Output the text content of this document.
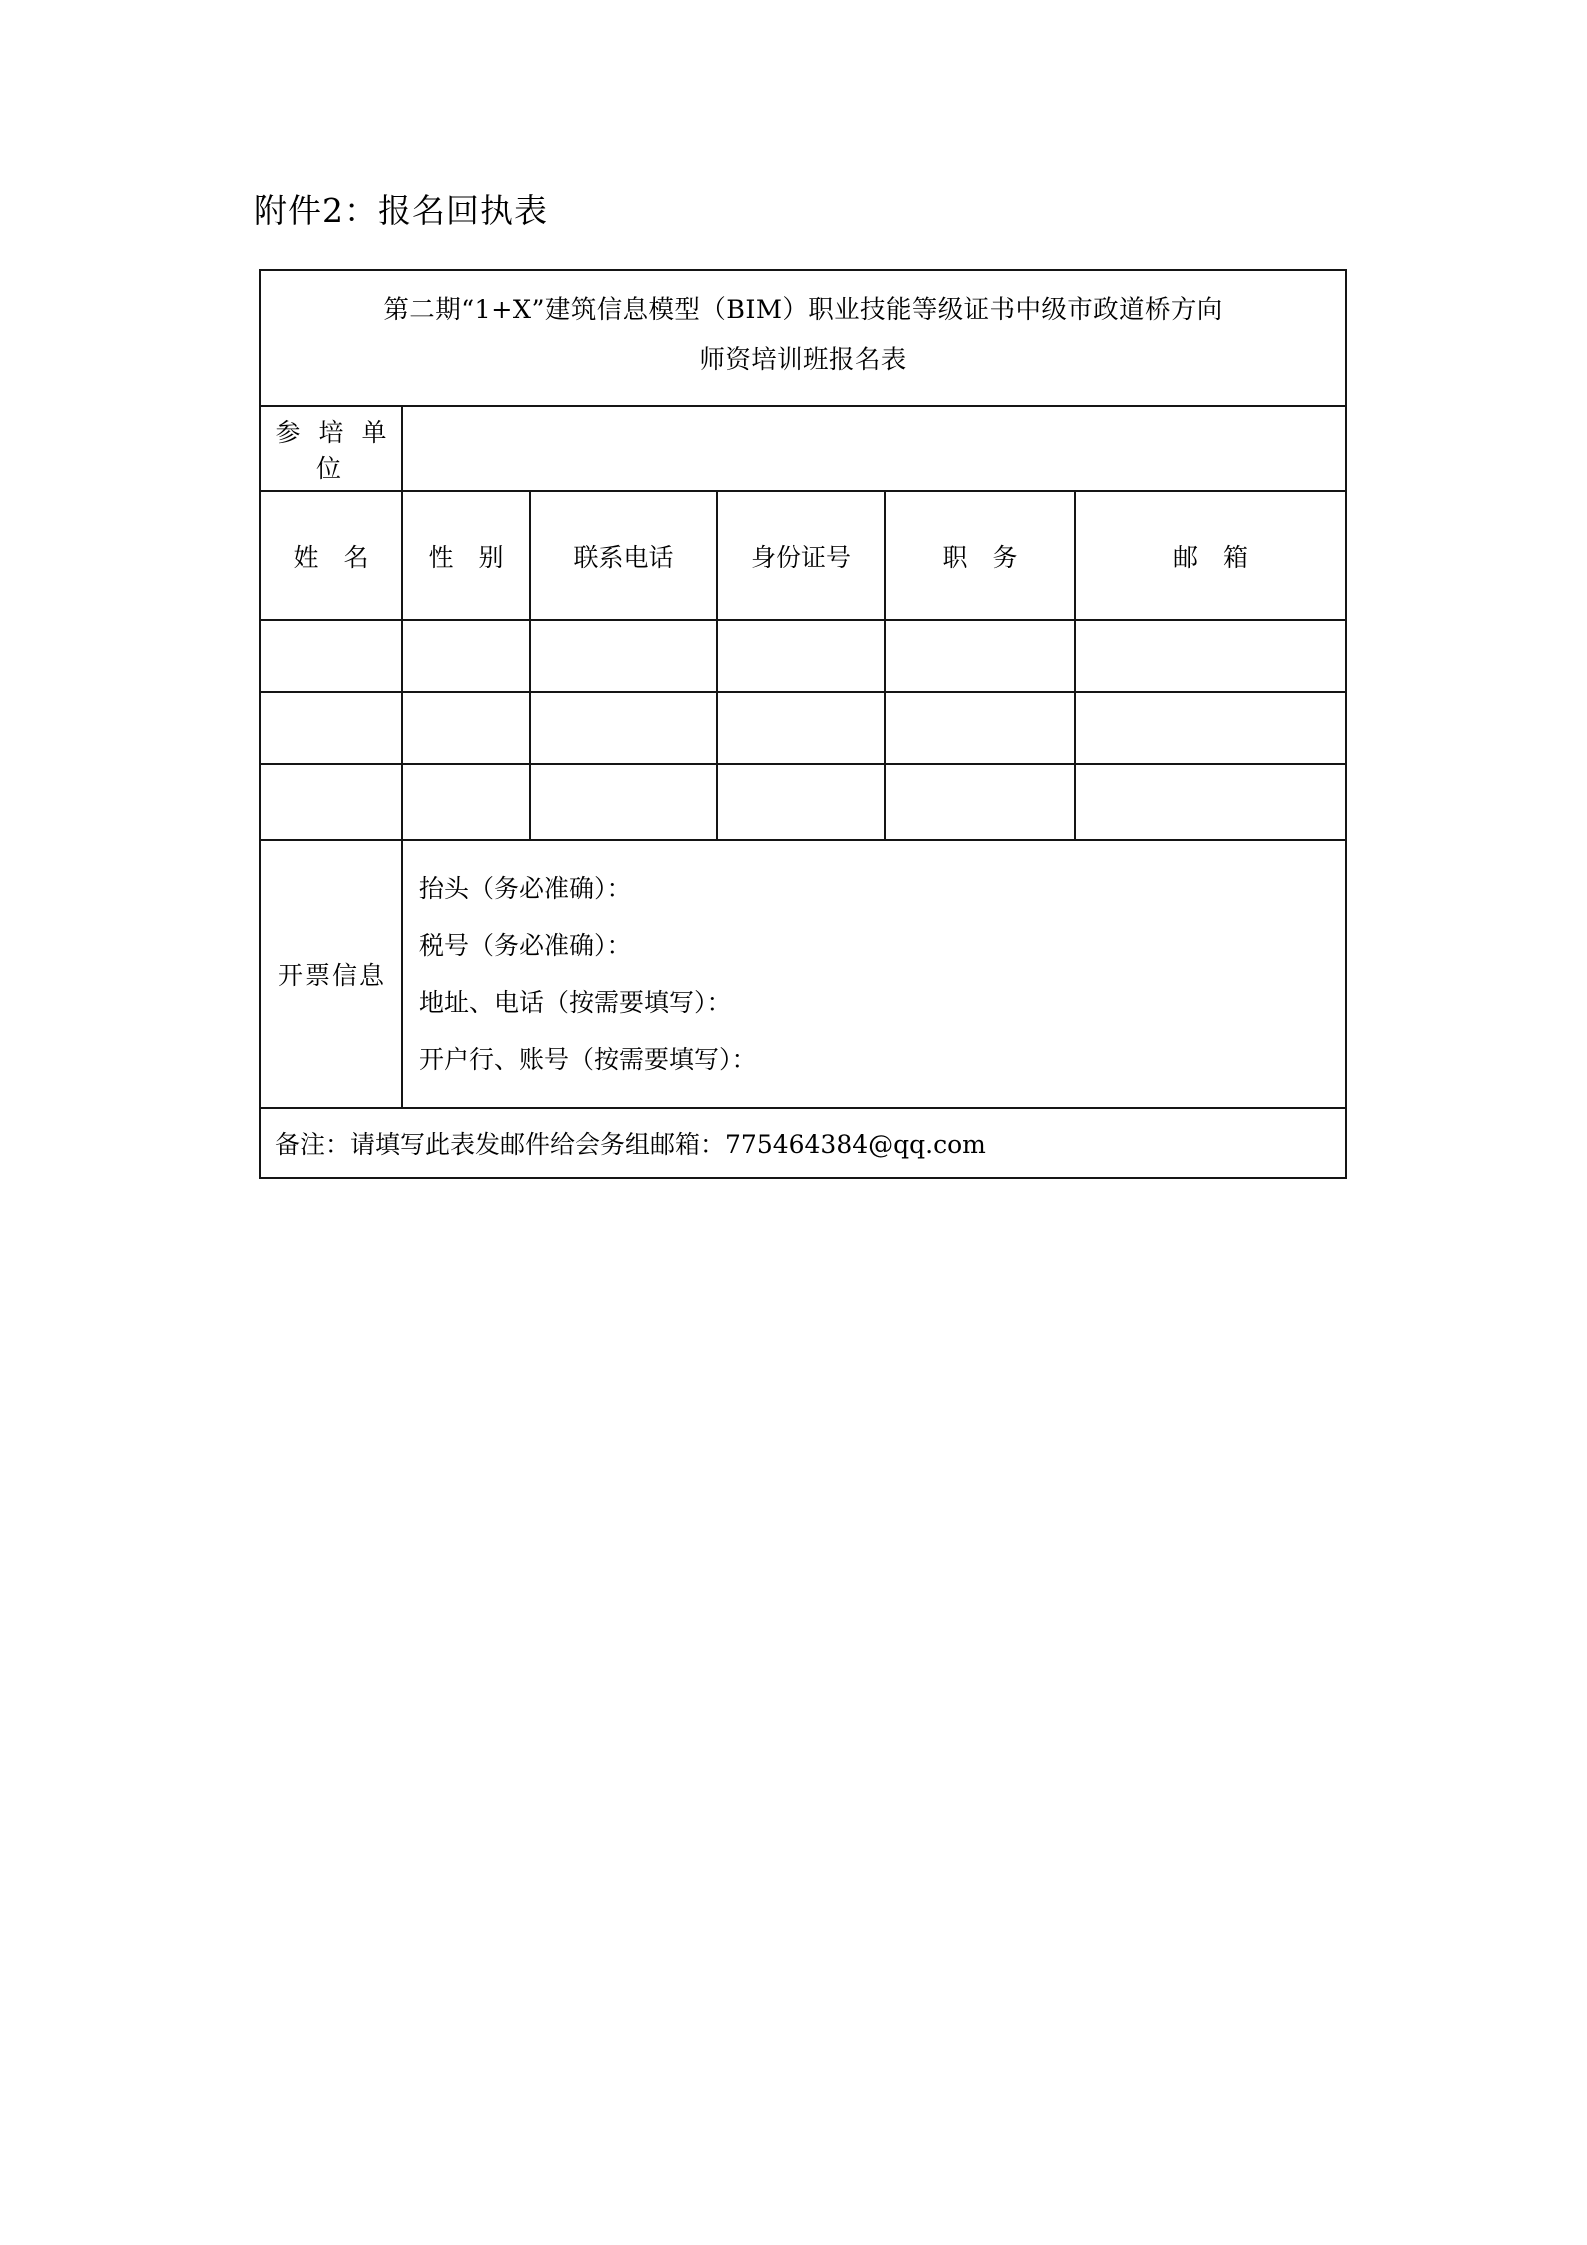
附件2：报名回执表
第二期“1+X”建筑信息模型（BIM）职业技能等级证书中级市政道桥方向
师资培训班报名表					

参 培 单 位					
姓　名	性　别	联系电话	身份证号	职　务	邮　箱

开票信息	抬头（务必准确）：
税号（务必准确）：
地址、电话（按需要填写）：
开户行、账号（按需要填写）：				

备注：请填写此表发邮件给会务组邮箱：775464384@qq.com					
